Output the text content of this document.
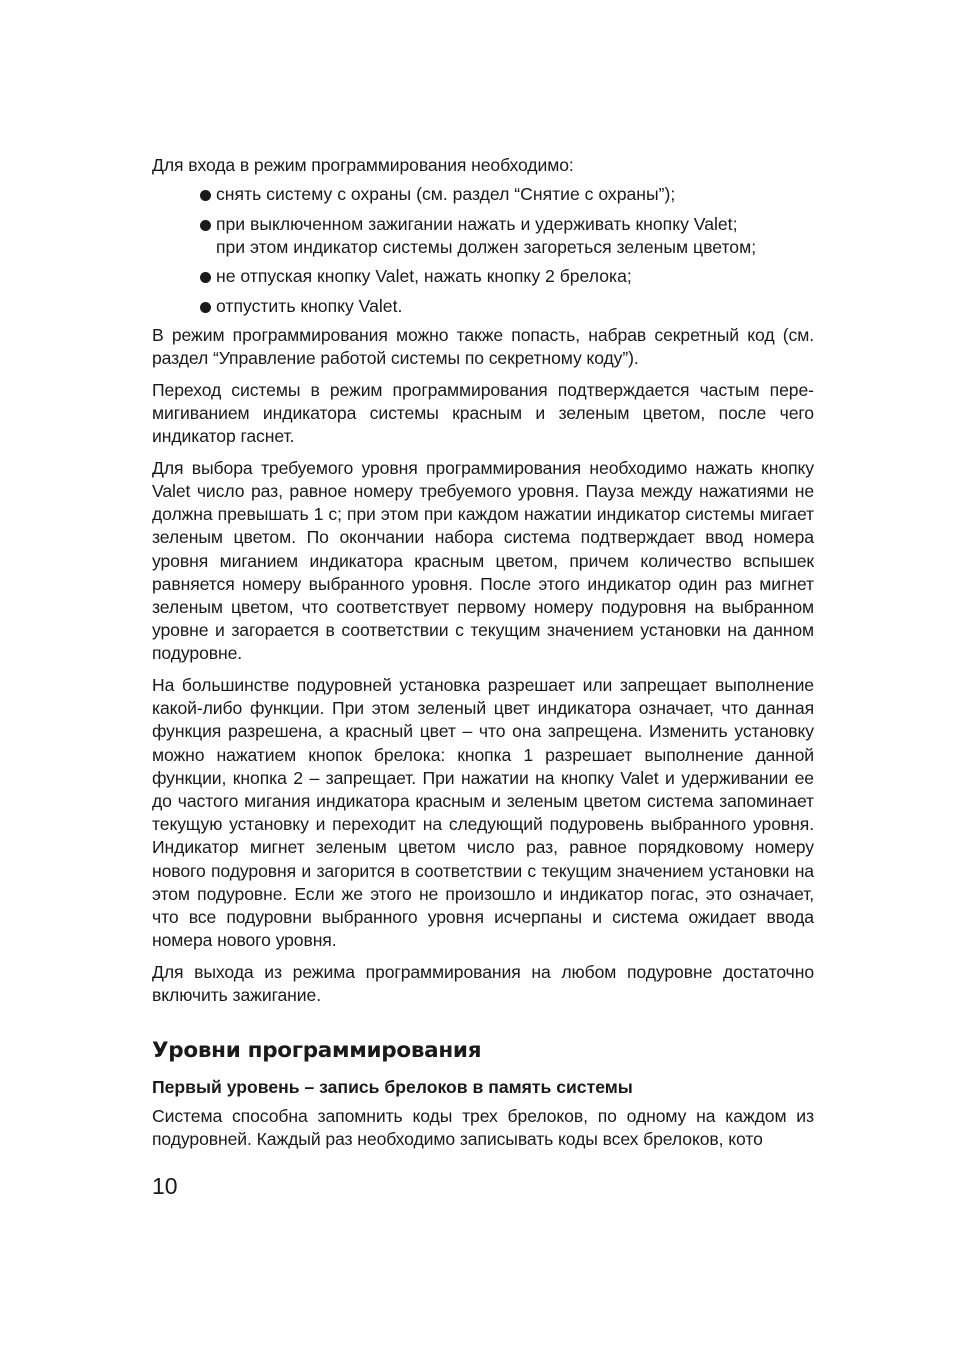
Для входа в режим программирования необходимо:

снять систему с охраны (см. раздел “Снятие с охраны”);
при выключенном зажигании нажать и удерживать кнопку Valet;
при этом индикатор системы должен загореться зеленым цветом;
не отпуская кнопку Valet, нажать кнопку 2 брелока;
отпустить кнопку Valet.

В режим программирования можно также попасть, набрав секретный код (см. раздел “Управление работой системы по секретному коду”).

Переход системы в режим программирования подтверждается частым перемигиванием индикатора системы красным и зеленым цветом, после чего индикатор гаснет.

Для выбора требуемого уровня программирования необходимо нажать кнопку Valet число раз, равное номеру требуемого уровня. Пауза между нажатиями не должна превышать 1 с; при этом при каждом нажатии индикатор системы мигает зеленым цветом. По окончании набора система подтверждает ввод номера уровня миганием индикатора красным цветом, причем количество вспышек равняется номеру выбранного уровня. После этого индикатор один раз мигнет зеленым цветом, что соответствует первому номеру подуровня на выбранном уровне и загорается в соответствии с текущим значением установки на данном подуровне.

На большинстве подуровней установка разрешает или запрещает выполнение какой-либо функции. При этом зеленый цвет индикатора означает, что данная функция разрешена, а красный цвет – что она запрещена. Изменить установку можно нажатием кнопок брелока: кнопка 1 разрешает выполнение данной функции, кнопка 2 – запрещает. При нажатии на кнопку Valet и удерживании ее до частого мигания индикатора красным и зеленым цветом система запоминает текущую установку и переходит на следующий подуровень выбранного уровня. Индикатор мигнет зеленым цветом число раз, равное порядковому номеру нового подуровня и загорится в соответствии с текущим значением установки на этом подуровне. Если же этого не произошло и индикатор погас, это означает, что все подуровни выбранного уровня исчерпаны и система ожидает ввода номера нового уровня.

Для выхода из режима программирования на любом подуровне достаточно включить зажигание.

Уровни программирования
Первый уровень – запись брелоков в память системы

Система способна запомнить коды трех брелоков, по одному на каждом из подуровней. Каждый раз необходимо записывать коды всех брелоков, кото

10
